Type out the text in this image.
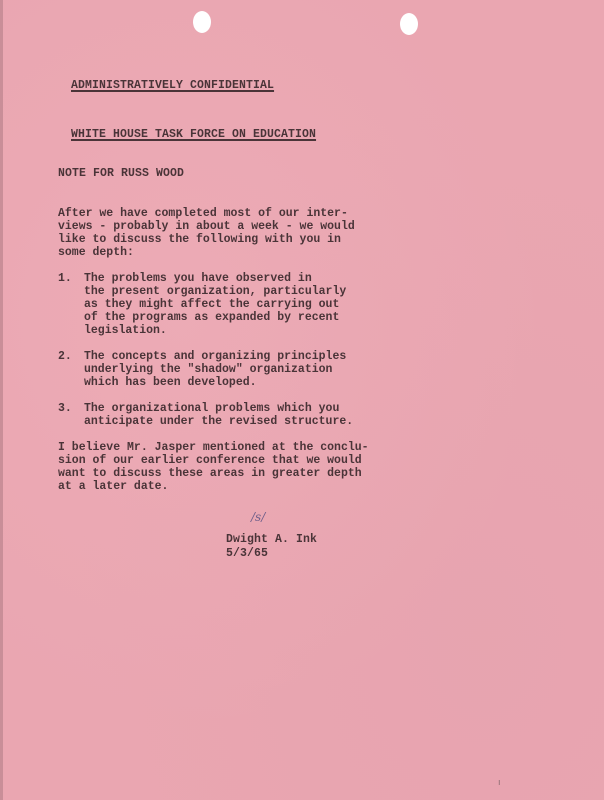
ADMINISTRATIVELY CONFIDENTIAL
WHITE HOUSE TASK FORCE ON EDUCATION
NOTE FOR RUSS WOOD
After we have completed most of our inter-
views - probably in about a week - we would
like to discuss the following with you in
some depth:
1. The problems you have observed in
the present organization, particularly
as they might affect the carrying out
of the programs as expanded by recent
legislation.
2. The concepts and organizing principles
underlying the "shadow" organization
which has been developed.
3. The organizational problems which you
anticipate under the revised structure.
I believe Mr. Jasper mentioned at the conclu-
sion of our earlier conference that we would
want to discuss these areas in greater depth
at a later date.
/s/
Dwight A. Ink
5/3/65
ı
